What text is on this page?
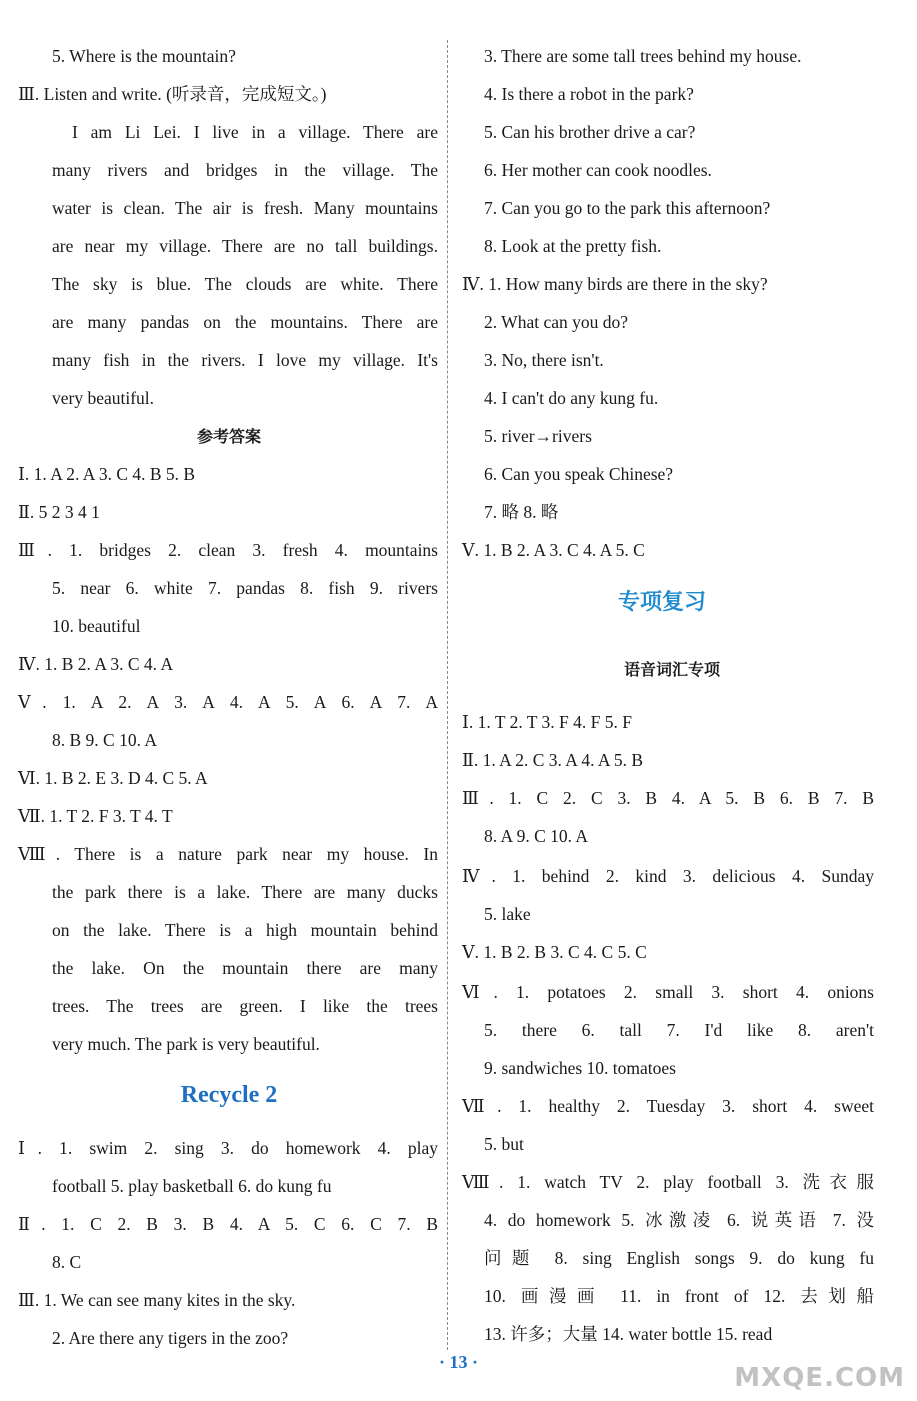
5. Where is the mountain?
Ⅲ. Listen and write. (听录音，完成短文。)
I am Li Lei. I live in a village. There are
many rivers and bridges in the village. The
water is clean. The air is fresh. Many mountains
are near my village. There are no tall buildings.
The sky is blue. The clouds are white. There
are many pandas on the mountains. There are
many fish in the rivers. I love my village. It's
very beautiful.
参考答案
Ⅰ. 1. A 2. A 3. C 4. B 5. B
Ⅱ. 5 2 3 4 1
Ⅲ. 1. bridges 2. clean 3. fresh 4. mountains
5. near 6. white 7. pandas 8. fish 9. rivers
10. beautiful
Ⅳ. 1. B 2. A 3. C 4. A
Ⅴ. 1. A 2. A 3. A 4. A 5. A 6. A 7. A
8. B 9. C 10. A
Ⅵ. 1. B 2. E 3. D 4. C 5. A
Ⅶ. 1. T 2. F 3. T 4. T
Ⅷ. There is a nature park near my house. In
the park there is a lake. There are many ducks
on the lake. There is a high mountain behind
the lake. On the mountain there are many
trees. The trees are green. I like the trees
very much. The park is very beautiful.
Recycle 2
Ⅰ. 1. swim 2. sing 3. do homework 4. play
football 5. play basketball 6. do kung fu
Ⅱ. 1. C 2. B 3. B 4. A 5. C 6. C 7. B
8. C
Ⅲ. 1. We can see many kites in the sky.
2. Are there any tigers in the zoo?
3. There are some tall trees behind my house.
4. Is there a robot in the park?
5. Can his brother drive a car?
6. Her mother can cook noodles.
7. Can you go to the park this afternoon?
8. Look at the pretty fish.
Ⅳ. 1. How many birds are there in the sky?
2. What can you do?
3. No, there isn't.
4. I can't do any kung fu.
5. river→rivers
6. Can you speak Chinese?
7. 略 8. 略
Ⅴ. 1. B 2. A 3. C 4. A 5. C
专项复习
语音词汇专项
Ⅰ. 1. T 2. T 3. F 4. F 5. F
Ⅱ. 1. A 2. C 3. A 4. A 5. B
Ⅲ. 1. C 2. C 3. B 4. A 5. B 6. B 7. B
8. A 9. C 10. A
Ⅳ. 1. behind 2. kind 3. delicious 4. Sunday
5. lake
Ⅴ. 1. B 2. B 3. C 4. C 5. C
Ⅵ. 1. potatoes 2. small 3. short 4. onions
5. there 6. tall 7. I'd like 8. aren't
9. sandwiches 10. tomatoes
Ⅶ. 1. healthy 2. Tuesday 3. short 4. sweet
5. but
Ⅷ. 1. watch TV 2. play football 3. 洗衣服
4. do homework 5. 冰激凌 6. 说英语 7. 没
问题 8. sing English songs 9. do kung fu
10. 画漫画 11. in front of 12. 去划船
13. 许多；大量 14. water bottle 15. read
· 13 ·
MXQE.COM
